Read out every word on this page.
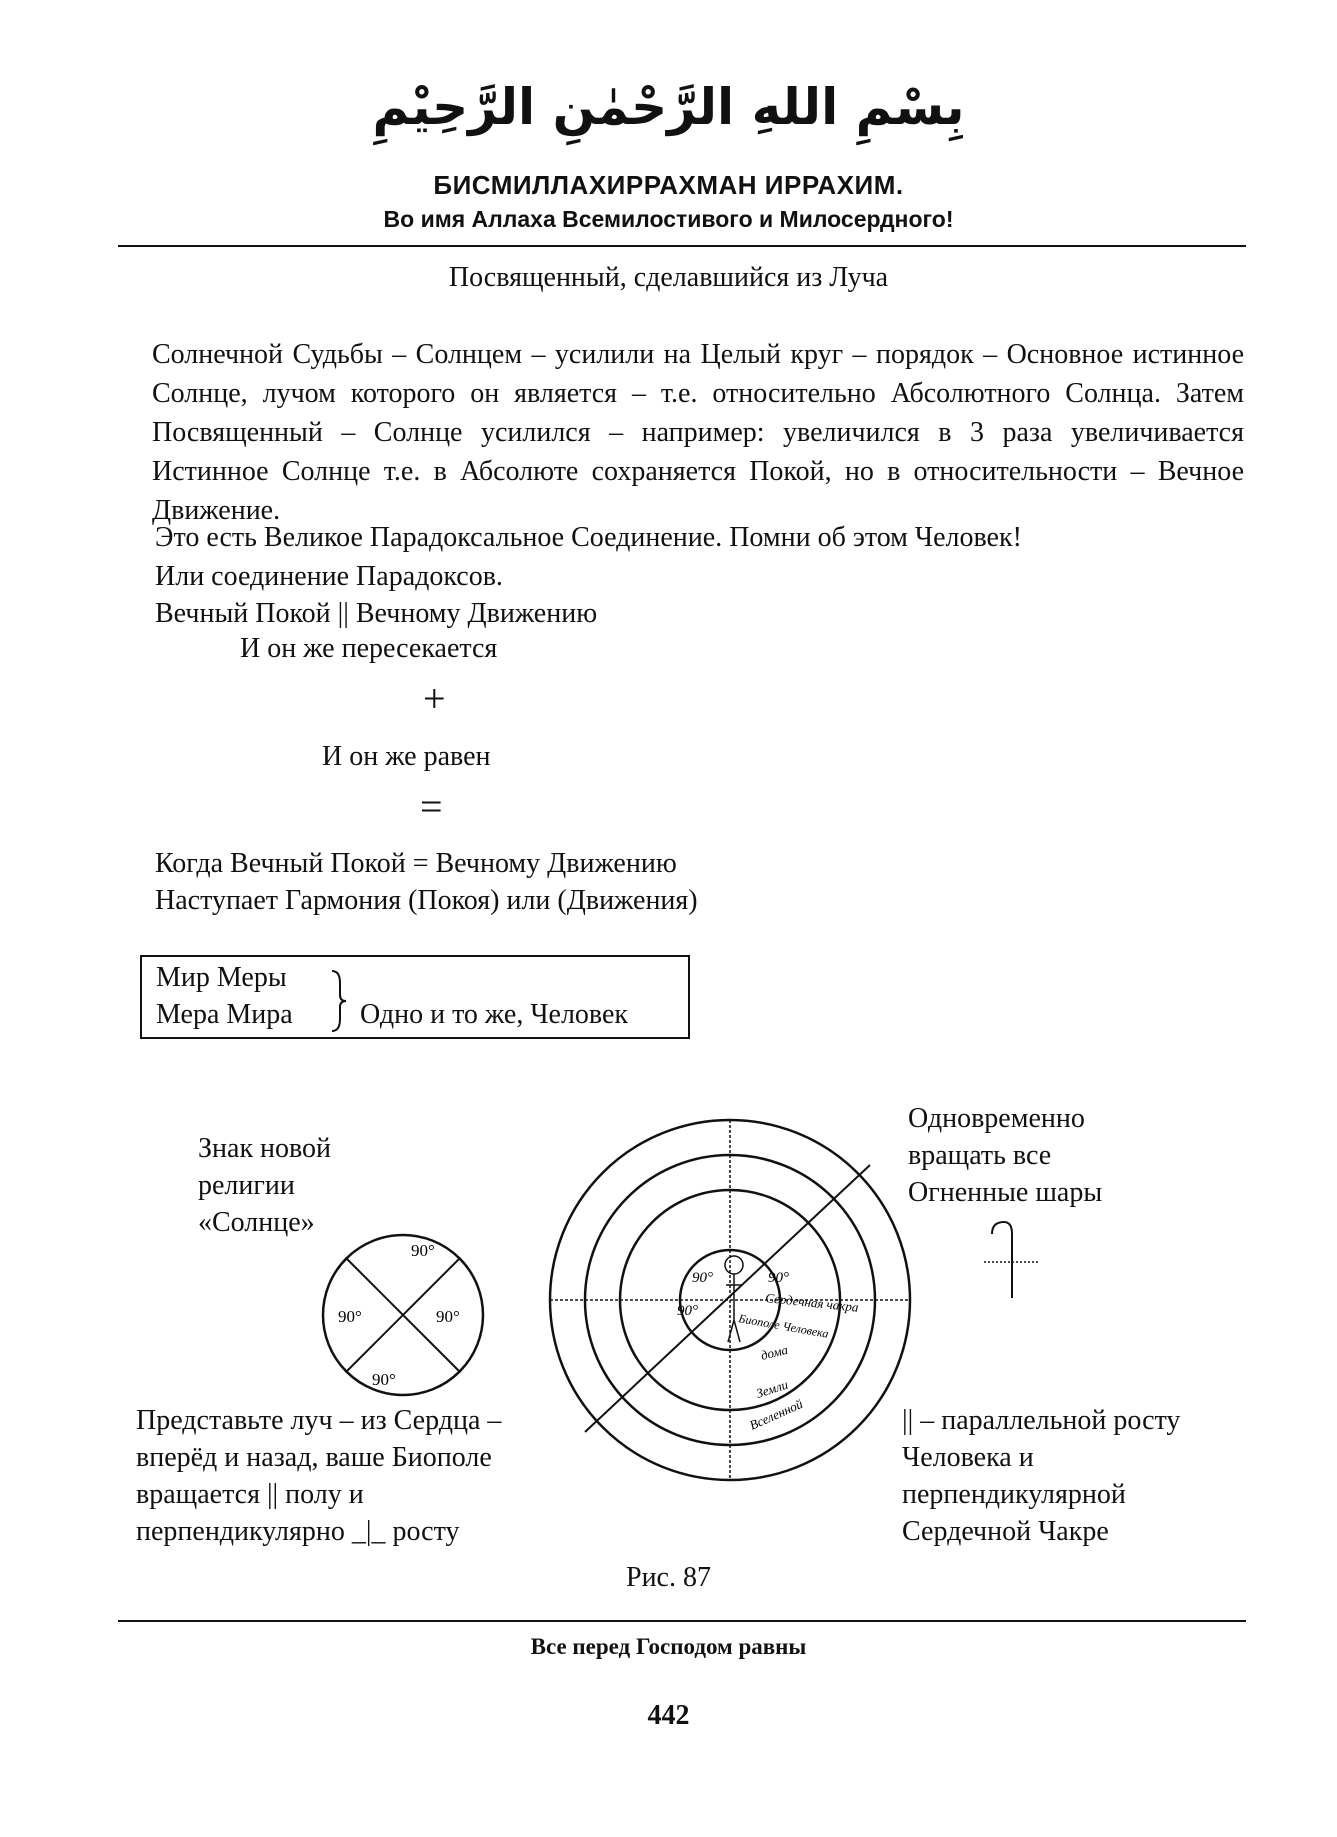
بِسْمِ اللهِ الرَّحْمٰنِ الرَّحِيْمِ
БИСМИЛЛАХИРРАХМАН ИРРАХИМ.
Во имя Аллаха Всемилостивого и Милосердного!
Посвященный, сделавшийся из Луча

Солнечной Судьбы – Солнцем – усилили на Целый круг – порядок – Основное истинное Солнце, лучом которого он является – т.е. относительно Абсолютного Солнца. Затем Посвященный – Солнце усилился – например: увеличился в 3 раза увеличивается Истинное Солнце т.е. в Абсолюте сохраняется Покой, но в относительности – Вечное Движение.

Это есть Великое Парадоксальное Соединение. Помни об этом Человек!
Или соединение Парадоксов.
Вечный Покой || Вечному Движению
И он же пересекается
+
И он же равен
=
Когда Вечный Покой = Вечному Движению
Наступает Гармония (Покоя) или (Движения)
Мир Меры
Мера Мира Одно и то же, Человек
Знак новой
религии
«Солнце»
90°
90°	90°
90°
90°	90°
90°	Сердечная чакра
Биополе Человека
дома
Земли
Вселенной
Одновременно
вращать все
Огненные шары
Представьте луч – из Сердца –
вперёд и назад, ваше Биополе
вращается || полу и
перпендикулярно _|_ росту
|| – параллельной росту
Человека и
перпендикулярной
Сердечной Чакре
Рис. 87
Все перед Господом равны
442
